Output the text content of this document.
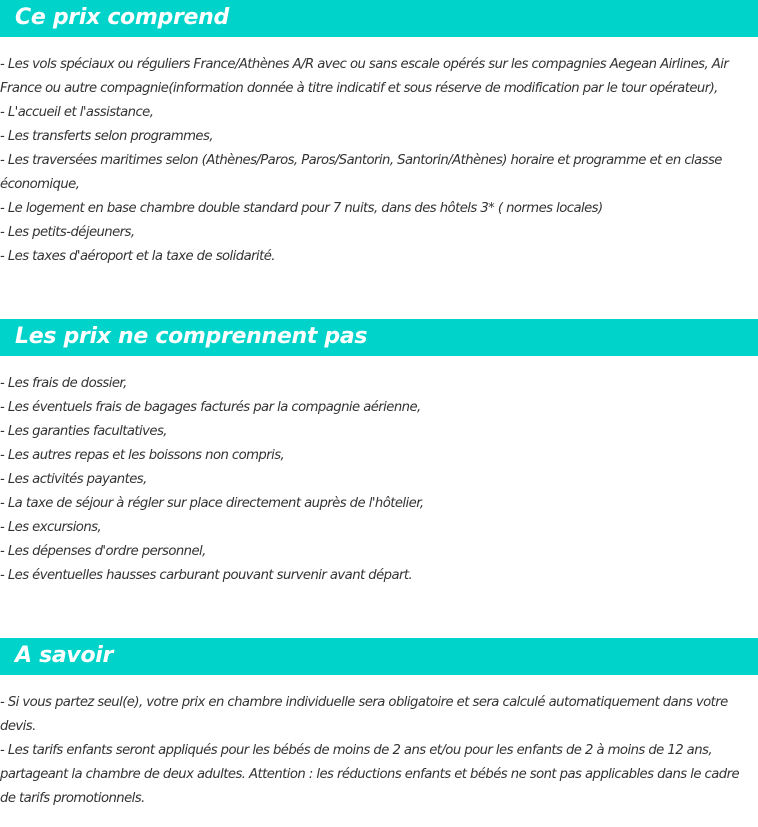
Ce prix comprend
- Les vols spéciaux ou réguliers France/Athènes A/R avec ou sans escale opérés sur les compagnies Aegean Airlines, Air France ou autre compagnie(information donnée à titre indicatif et sous réserve de modification par le tour opérateur),
- L'accueil et l'assistance,
- Les transferts selon programmes,
- Les traversées maritimes selon (Athènes/Paros, Paros/Santorin, Santorin/Athènes) horaire et programme et en classe économique,
- Le logement en base chambre double standard pour 7 nuits, dans des hôtels 3* ( normes locales)
- Les petits-déjeuners,
- Les taxes d'aéroport et la taxe de solidarité.
Les prix ne comprennent pas
- Les frais de dossier,
- Les éventuels frais de bagages facturés par la compagnie aérienne,
- Les garanties facultatives,
- Les autres repas et les boissons non compris,
- Les activités payantes,
- La taxe de séjour à régler sur place directement auprès de l'hôtelier,
- Les excursions,
- Les dépenses d'ordre personnel,
- Les éventuelles hausses carburant pouvant survenir avant départ.
A savoir
- Si vous partez seul(e), votre prix en chambre individuelle sera obligatoire et sera calculé automatiquement dans votre devis.
- Les tarifs enfants seront appliqués pour les bébés de moins de 2 ans et/ou pour les enfants de 2 à moins de 12 ans, partageant la chambre de deux adultes. Attention : les réductions enfants et bébés ne sont pas applicables dans le cadre de tarifs promotionnels.
